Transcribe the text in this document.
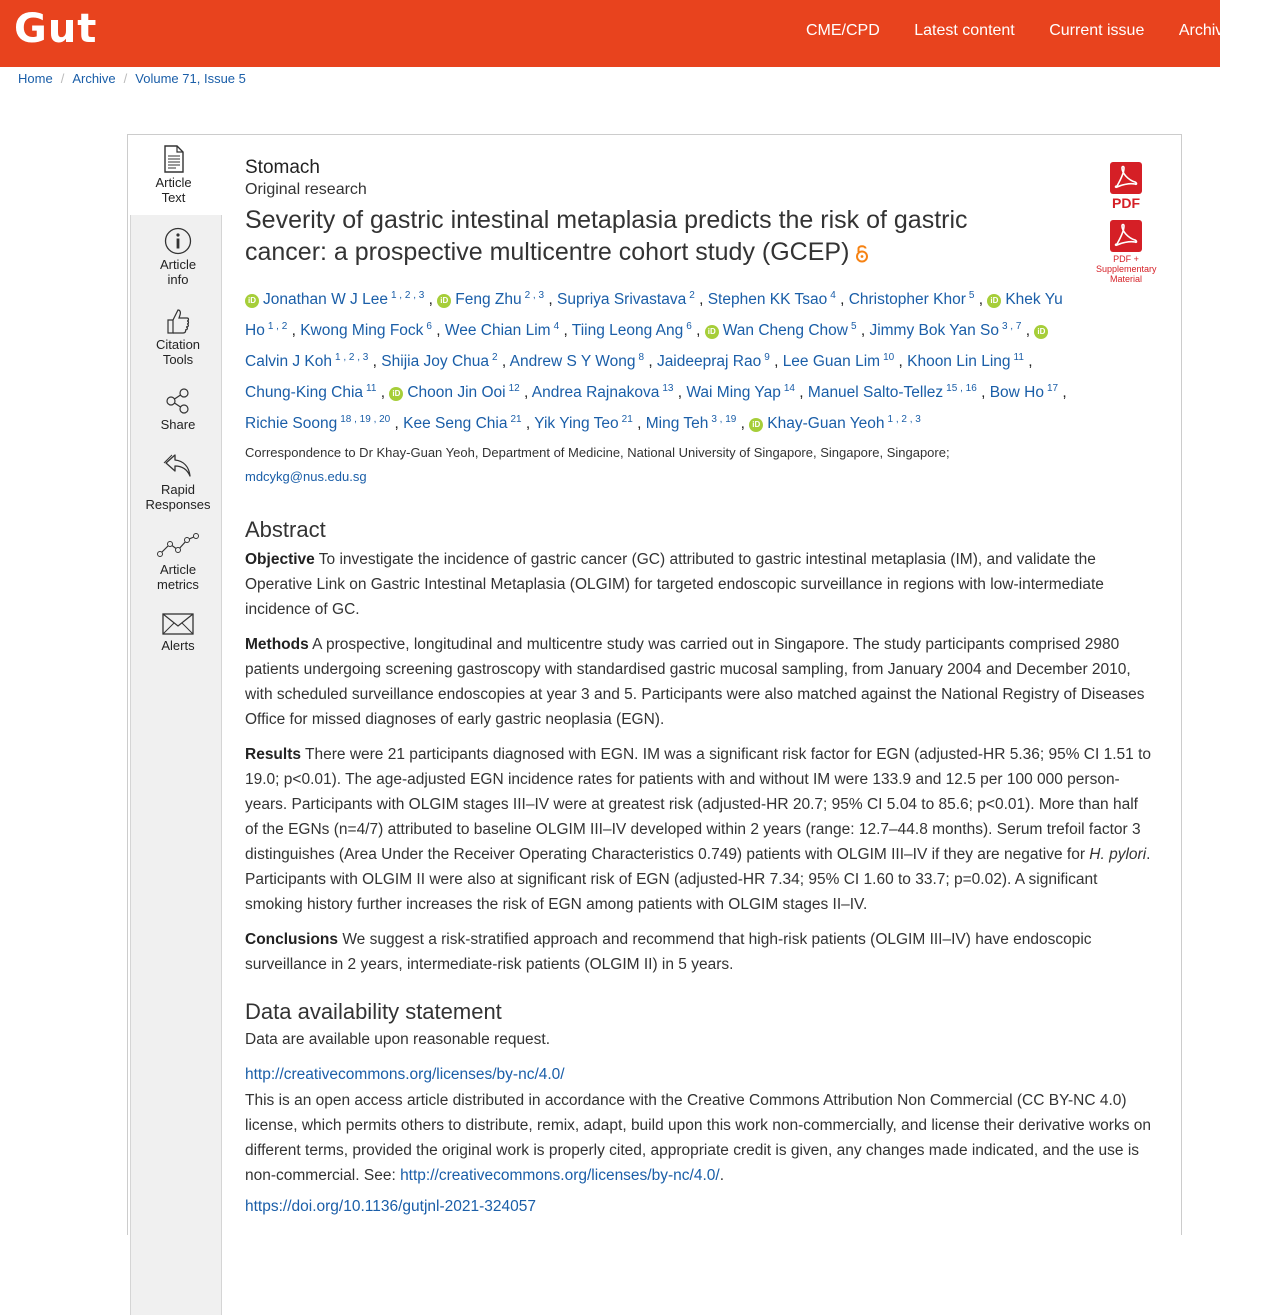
Gut	CME/CPD Latest content Current issue Archive
Home / Archive / Volume 71, Issue 5
Article
Text
Article
info
Citation
Tools
Share
Rapid
Responses
Article
metrics
Alerts
PDF
PDF + Supplementary Material
Stomach
Original research
Severity of gastric intestinal metaplasia predicts the risk of gastric cancer: a prospective multicentre cohort study (GCEP)
iD Jonathan W J Lee $^{1 , 2 , 3}$ , iD Feng Zhu $^{2 , 3}$ , Supriya Srivastava $^2$ , Stephen KK Tsao $^4$ , Christopher Khor $^5$ , iD Khek Yu Ho $^{1 , 2}$ , Kwong Ming Fock $^6$ , Wee Chian Lim $^4$ , Tiing Leong Ang $^6$ , iD Wan Cheng Chow $^5$ , Jimmy Bok Yan So $^{3 , 7}$ , iDCalvin J Koh $^{1 , 2 , 3}$ , Shijia Joy Chua $^2$ , Andrew S Y Wong $^8$ , Jaideepraj Rao $^9$ , Lee Guan Lim $^{10}$ , Khoon Lin Ling $^{11}$ , Chung-King Chia $^{11}$ , iD Choon Jin Ooi $^{12}$ , Andrea Rajnakova $^{13}$ , Wai Ming Yap $^{14}$ , Manuel Salto-Tellez $^{15 , 16}$ , Bow Ho $^{17}$ , Richie Soong $^{18 , 19 , 20}$ , Kee Seng Chia $^{21}$ , Yik Ying Teo $^{21}$ , Ming Teh $^{3 , 19}$ , iD Khay-Guan Yeoh $^{1 , 2 , 3}$
Correspondence to Dr Khay-Guan Yeoh, Department of Medicine, National University of Singapore, Singapore, Singapore;
mdcykg@nus.edu.sg
Abstract
Objective To investigate the incidence of gastric cancer (GC) attributed to gastric intestinal metaplasia (IM), and validate the Operative Link on Gastric Intestinal Metaplasia (OLGIM) for targeted endoscopic surveillance in regions with low-intermediate incidence of GC.
Methods A prospective, longitudinal and multicentre study was carried out in Singapore. The study participants comprised 2980 patients undergoing screening gastroscopy with standardised gastric mucosal sampling, from January 2004 and December 2010, with scheduled surveillance endoscopies at year 3 and 5. Participants were also matched against the National Registry of Diseases Office for missed diagnoses of early gastric neoplasia (EGN).
Results There were 21 participants diagnosed with EGN. IM was a significant risk factor for EGN (adjusted-HR 5.36; 95% CI 1.51 to 19.0; p<0.01). The age-adjusted EGN incidence rates for patients with and without IM were 133.9 and 12.5 per 100 000 person-years. Participants with OLGIM stages III–IV were at greatest risk (adjusted-HR 20.7; 95% CI 5.04 to 85.6; p<0.01). More than half of the EGNs (n=4/7) attributed to baseline OLGIM III–IV developed within 2 years (range: 12.7–44.8 months). Serum trefoil factor 3 distinguishes (Area Under the Receiver Operating Characteristics 0.749) patients with OLGIM III–IV if they are negative for H. pylori. Participants with OLGIM II were also at significant risk of EGN (adjusted-HR 7.34; 95% CI 1.60 to 33.7; p=0.02). A significant smoking history further increases the risk of EGN among patients with OLGIM stages II–IV.
Conclusions We suggest a risk-stratified approach and recommend that high-risk patients (OLGIM III–IV) have endoscopic surveillance in 2 years, intermediate-risk patients (OLGIM II) in 5 years.
Data availability statement
Data are available upon reasonable request.
http://creativecommons.org/licenses/by-nc/4.0/
This is an open access article distributed in accordance with the Creative Commons Attribution Non Commercial (CC BY-NC 4.0) license, which permits others to distribute, remix, adapt, build upon this work non-commercially, and license their derivative works on different terms, provided the original work is properly cited, appropriate credit is given, any changes made indicated, and the use is non-commercial. See: http://creativecommons.org/licenses/by-nc/4.0/.
https://doi.org/10.1136/gutjnl-2021-324057
